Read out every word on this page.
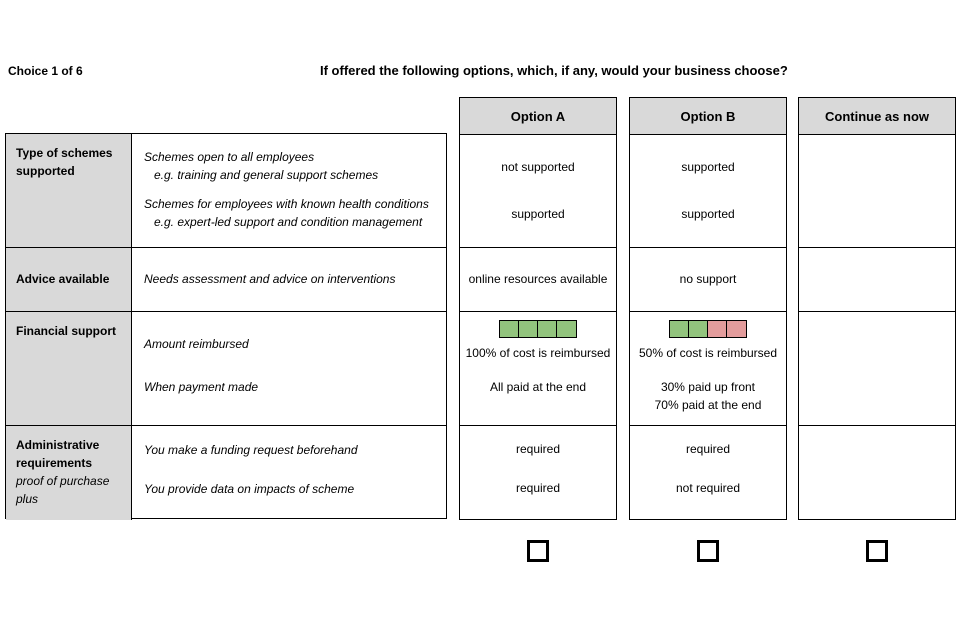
Choice 1 of 6	If offered the following options, which, if any, would your business choose?
Type of schemes supported
Schemes open to all employees
e.g. training and general support schemes
Schemes for employees with known health conditions
e.g. expert-led support and condition management
Advice available	Needs assessment and advice on interventions
Financial support
Amount reimbursed
When payment made
Administrative requirements
proof of purchase plus
You make a funding request beforehand
You provide data on impacts of scheme
Option A
not supported
supported
online resources available
100% of cost is reimbursed
All paid at the end
required
required
Option B
supported
supported
no support
50% of cost is reimbursed
30% paid up front
70% paid at the end
required
not required
Continue as now
